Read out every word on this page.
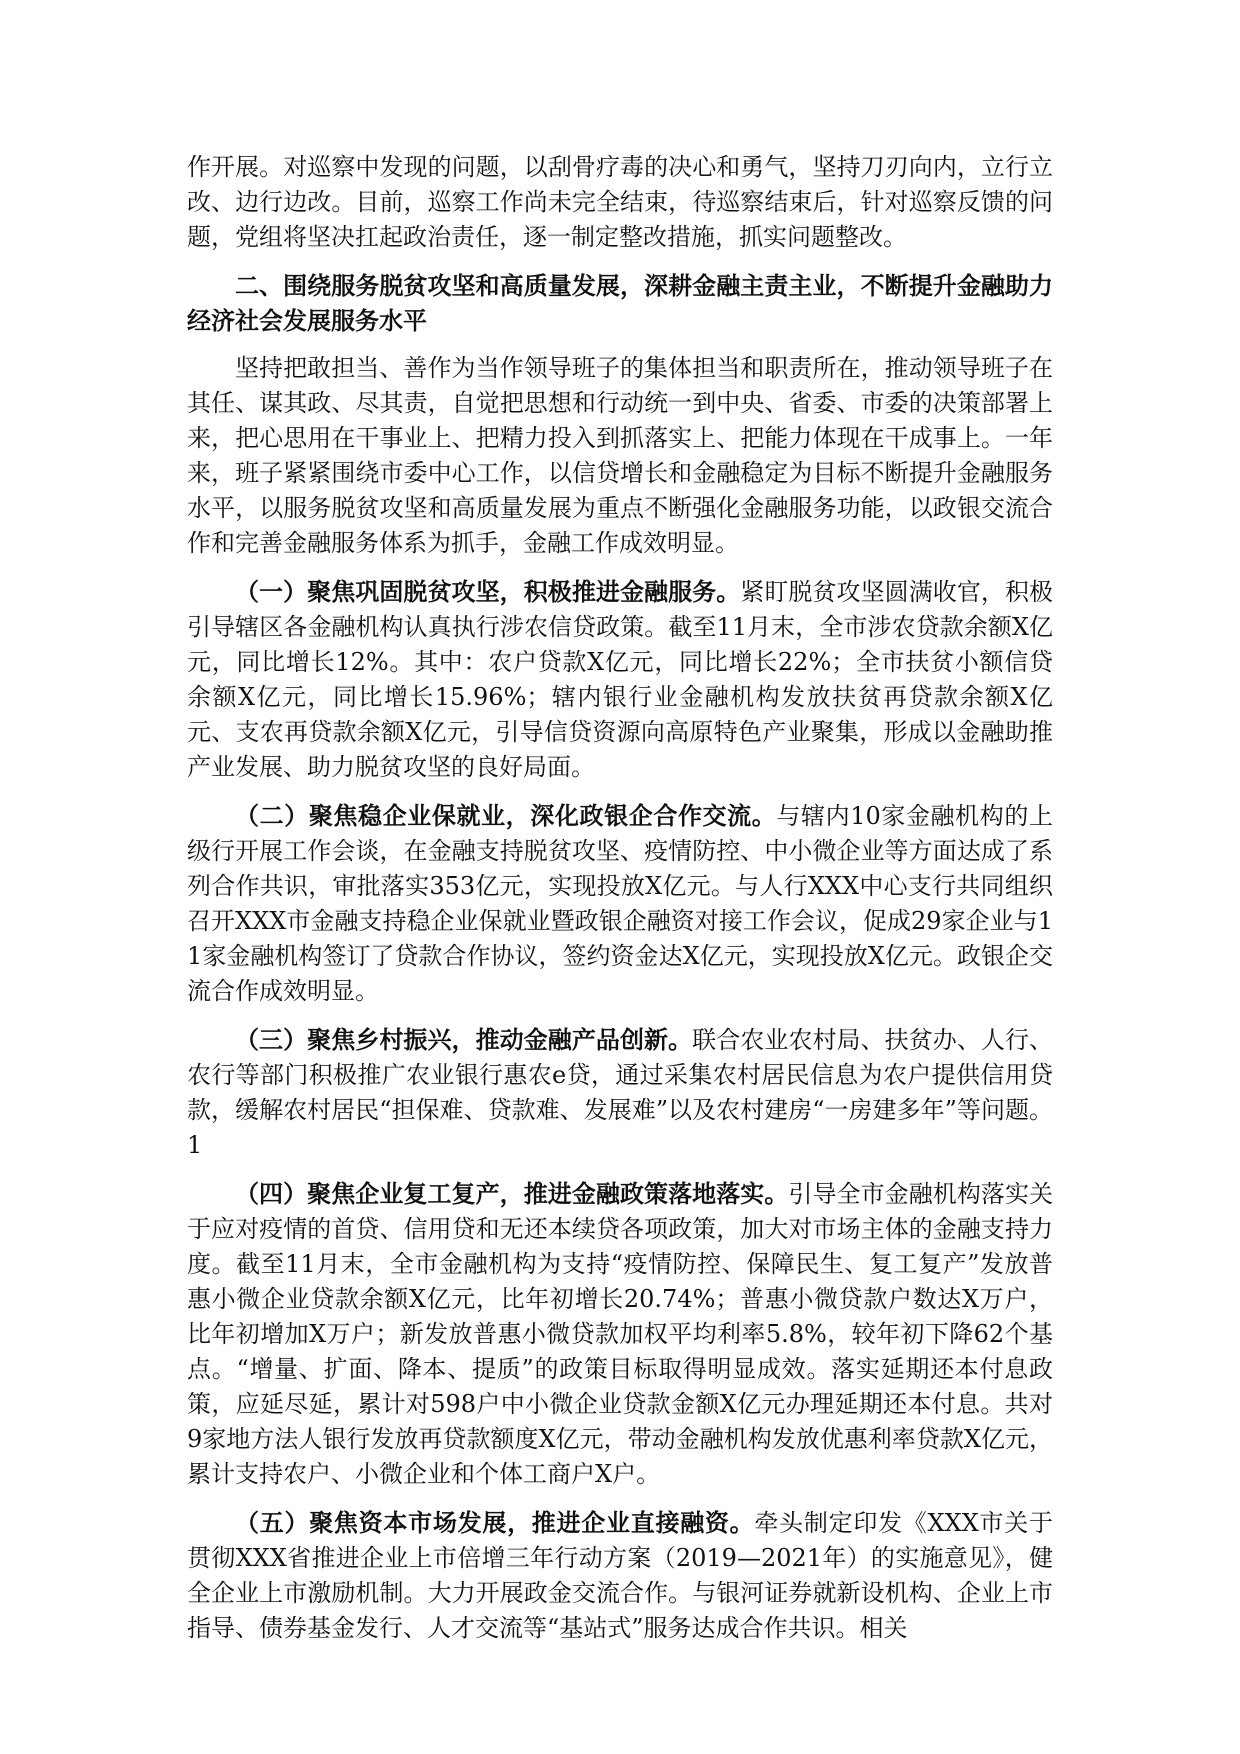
作开展。对巡察中发现的问题，以刮骨疗毒的决心和勇气，坚持刀刃向内，立行立改、边行边改。目前，巡察工作尚未完全结束，待巡察结束后，针对巡察反馈的问题，党组将坚决扛起政治责任，逐一制定整改措施，抓实问题整改。

二、围绕服务脱贫攻坚和高质量发展，深耕金融主责主业，不断提升金融助力经济社会发展服务水平

坚持把敢担当、善作为当作领导班子的集体担当和职责所在，推动领导班子在其任、谋其政、尽其责，自觉把思想和行动统一到中央、省委、市委的决策部署上来，把心思用在干事业上、把精力投入到抓落实上、把能力体现在干成事上。一年来，班子紧紧围绕市委中心工作，以信贷增长和金融稳定为目标不断提升金融服务水平，以服务脱贫攻坚和高质量发展为重点不断强化金融服务功能，以政银交流合作和完善金融服务体系为抓手，金融工作成效明显。

（一）聚焦巩固脱贫攻坚，积极推进金融服务。紧盯脱贫攻坚圆满收官，积极引导辖区各金融机构认真执行涉农信贷政策。截至11月末，全市涉农贷款余额X亿元，同比增长12%。其中：农户贷款X亿元，同比增长22%；全市扶贫小额信贷余额X亿元，同比增长15.96%；辖内银行业金融机构发放扶贫再贷款余额X亿元、支农再贷款余额X亿元，引导信贷资源向高原特色产业聚集，形成以金融助推产业发展、助力脱贫攻坚的良好局面。

（二）聚焦稳企业保就业，深化政银企合作交流。与辖内10家金融机构的上级行开展工作会谈，在金融支持脱贫攻坚、疫情防控、中小微企业等方面达成了系列合作共识，审批落实353亿元，实现投放X亿元。与人行XXX中心支行共同组织召开XXX市金融支持稳企业保就业暨政银企融资对接工作会议，促成29家企业与11家金融机构签订了贷款合作协议，签约资金达X亿元，实现投放X亿元。政银企交流合作成效明显。

（三）聚焦乡村振兴，推动金融产品创新。联合农业农村局、扶贫办、人行、农行等部门积极推广农业银行惠农e贷，通过采集农村居民信息为农户提供信用贷款，缓解农村居民“担保难、贷款难、发展难”以及农村建房“一房建多年”等问题。1

（四）聚焦企业复工复产，推进金融政策落地落实。引导全市金融机构落实关于应对疫情的首贷、信用贷和无还本续贷各项政策，加大对市场主体的金融支持力度。截至11月末，全市金融机构为支持“疫情防控、保障民生、复工复产”发放普惠小微企业贷款余额X亿元，比年初增长20.74%；普惠小微贷款户数达X万户，比年初增加X万户；新发放普惠小微贷款加权平均利率5.8%，较年初下降62个基点。“增量、扩面、降本、提质”的政策目标取得明显成效。落实延期还本付息政策，应延尽延，累计对598户中小微企业贷款金额X亿元办理延期还本付息。共对9家地方法人银行发放再贷款额度X亿元，带动金融机构发放优惠利率贷款X亿元，累计支持农户、小微企业和个体工商户X户。

（五）聚焦资本市场发展，推进企业直接融资。牵头制定印发《XXX市关于贯彻XXX省推进企业上市倍增三年行动方案（2019—2021年）的实施意见》，健全企业上市激励机制。大力开展政金交流合作。与银河证券就新设机构、企业上市指导、债券基金发行、人才交流等“基站式”服务达成合作共识。相关
